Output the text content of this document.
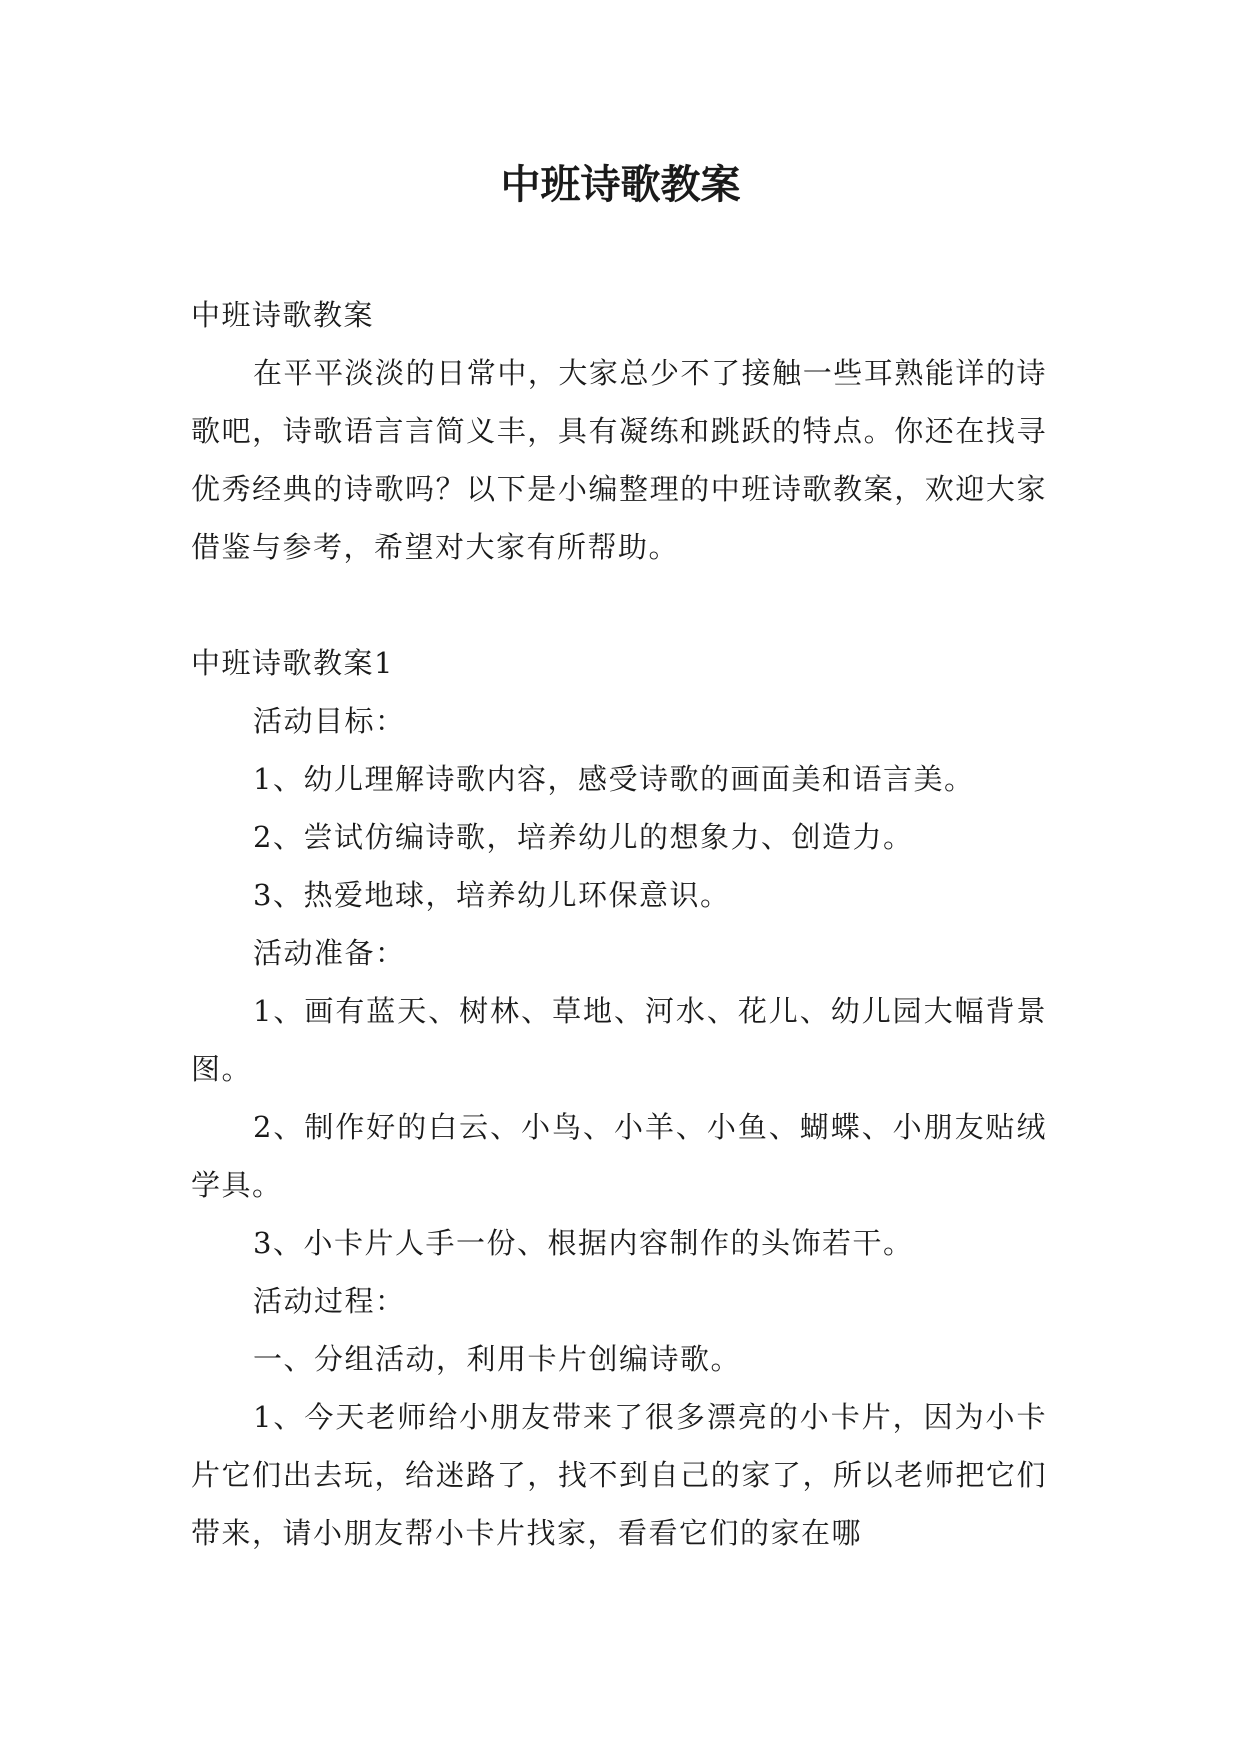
中班诗歌教案

中班诗歌教案

在平平淡淡的日常中，大家总少不了接触一些耳熟能详的诗歌吧，诗歌语言言简义丰，具有凝练和跳跃的特点。你还在找寻优秀经典的诗歌吗？以下是小编整理的中班诗歌教案，欢迎大家借鉴与参考，希望对大家有所帮助。

中班诗歌教案1

活动目标：

1、幼儿理解诗歌内容，感受诗歌的画面美和语言美。

2、尝试仿编诗歌，培养幼儿的想象力、创造力。

3、热爱地球，培养幼儿环保意识。

活动准备：

1、画有蓝天、树林、草地、河水、花儿、幼儿园大幅背景图。

2、制作好的白云、小鸟、小羊、小鱼、蝴蝶、小朋友贴绒学具。

3、小卡片人手一份、根据内容制作的头饰若干。

活动过程：

一、分组活动，利用卡片创编诗歌。

1、今天老师给小朋友带来了很多漂亮的小卡片，因为小卡片它们出去玩，给迷路了，找不到自己的家了，所以老师把它们带来，请小朋友帮小卡片找家，看看它们的家在哪
